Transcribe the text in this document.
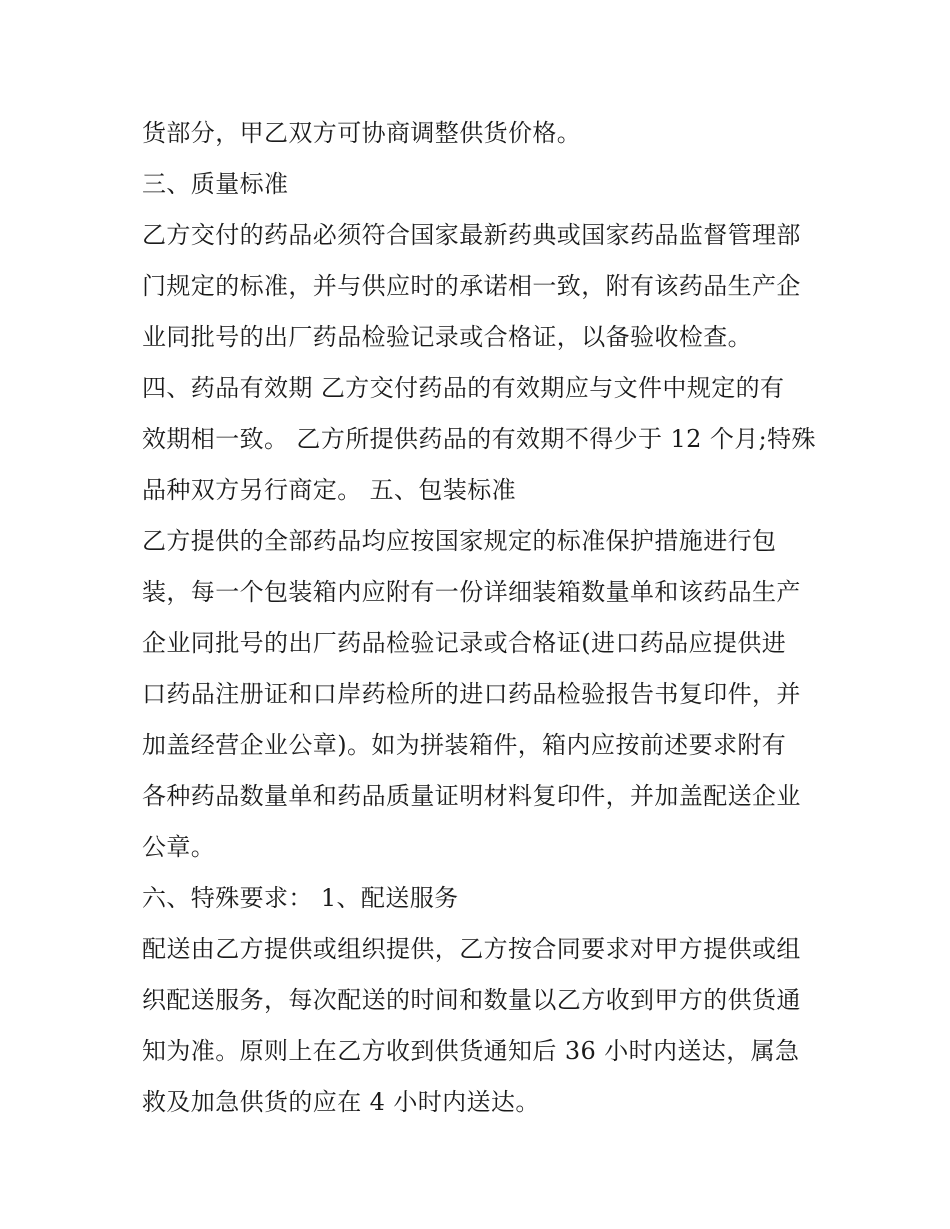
货部分，甲乙双方可协商调整供货价格。
三、质量标准
乙方交付的药品必须符合国家最新药典或国家药品监督管理部
门规定的标准，并与供应时的承诺相一致，附有该药品生产企
业同批号的出厂药品检验记录或合格证，以备验收检查。
四、药品有效期 乙方交付药品的有效期应与文件中规定的有
效期相一致。 乙方所提供药品的有效期不得少于 12 个月;特殊
品种双方另行商定。 五、包装标准
乙方提供的全部药品均应按国家规定的标准保护措施进行包
装，每一个包装箱内应附有一份详细装箱数量单和该药品生产
企业同批号的出厂药品检验记录或合格证(进口药品应提供进
口药品注册证和口岸药检所的进口药品检验报告书复印件，并
加盖经营企业公章)。如为拼装箱件，箱内应按前述要求附有
各种药品数量单和药品质量证明材料复印件，并加盖配送企业
公章。
六、特殊要求： 1、配送服务
配送由乙方提供或组织提供，乙方按合同要求对甲方提供或组
织配送服务，每次配送的时间和数量以乙方收到甲方的供货通
知为准。原则上在乙方收到供货通知后 36 小时内送达，属急
救及加急供货的应在 4 小时内送达。
